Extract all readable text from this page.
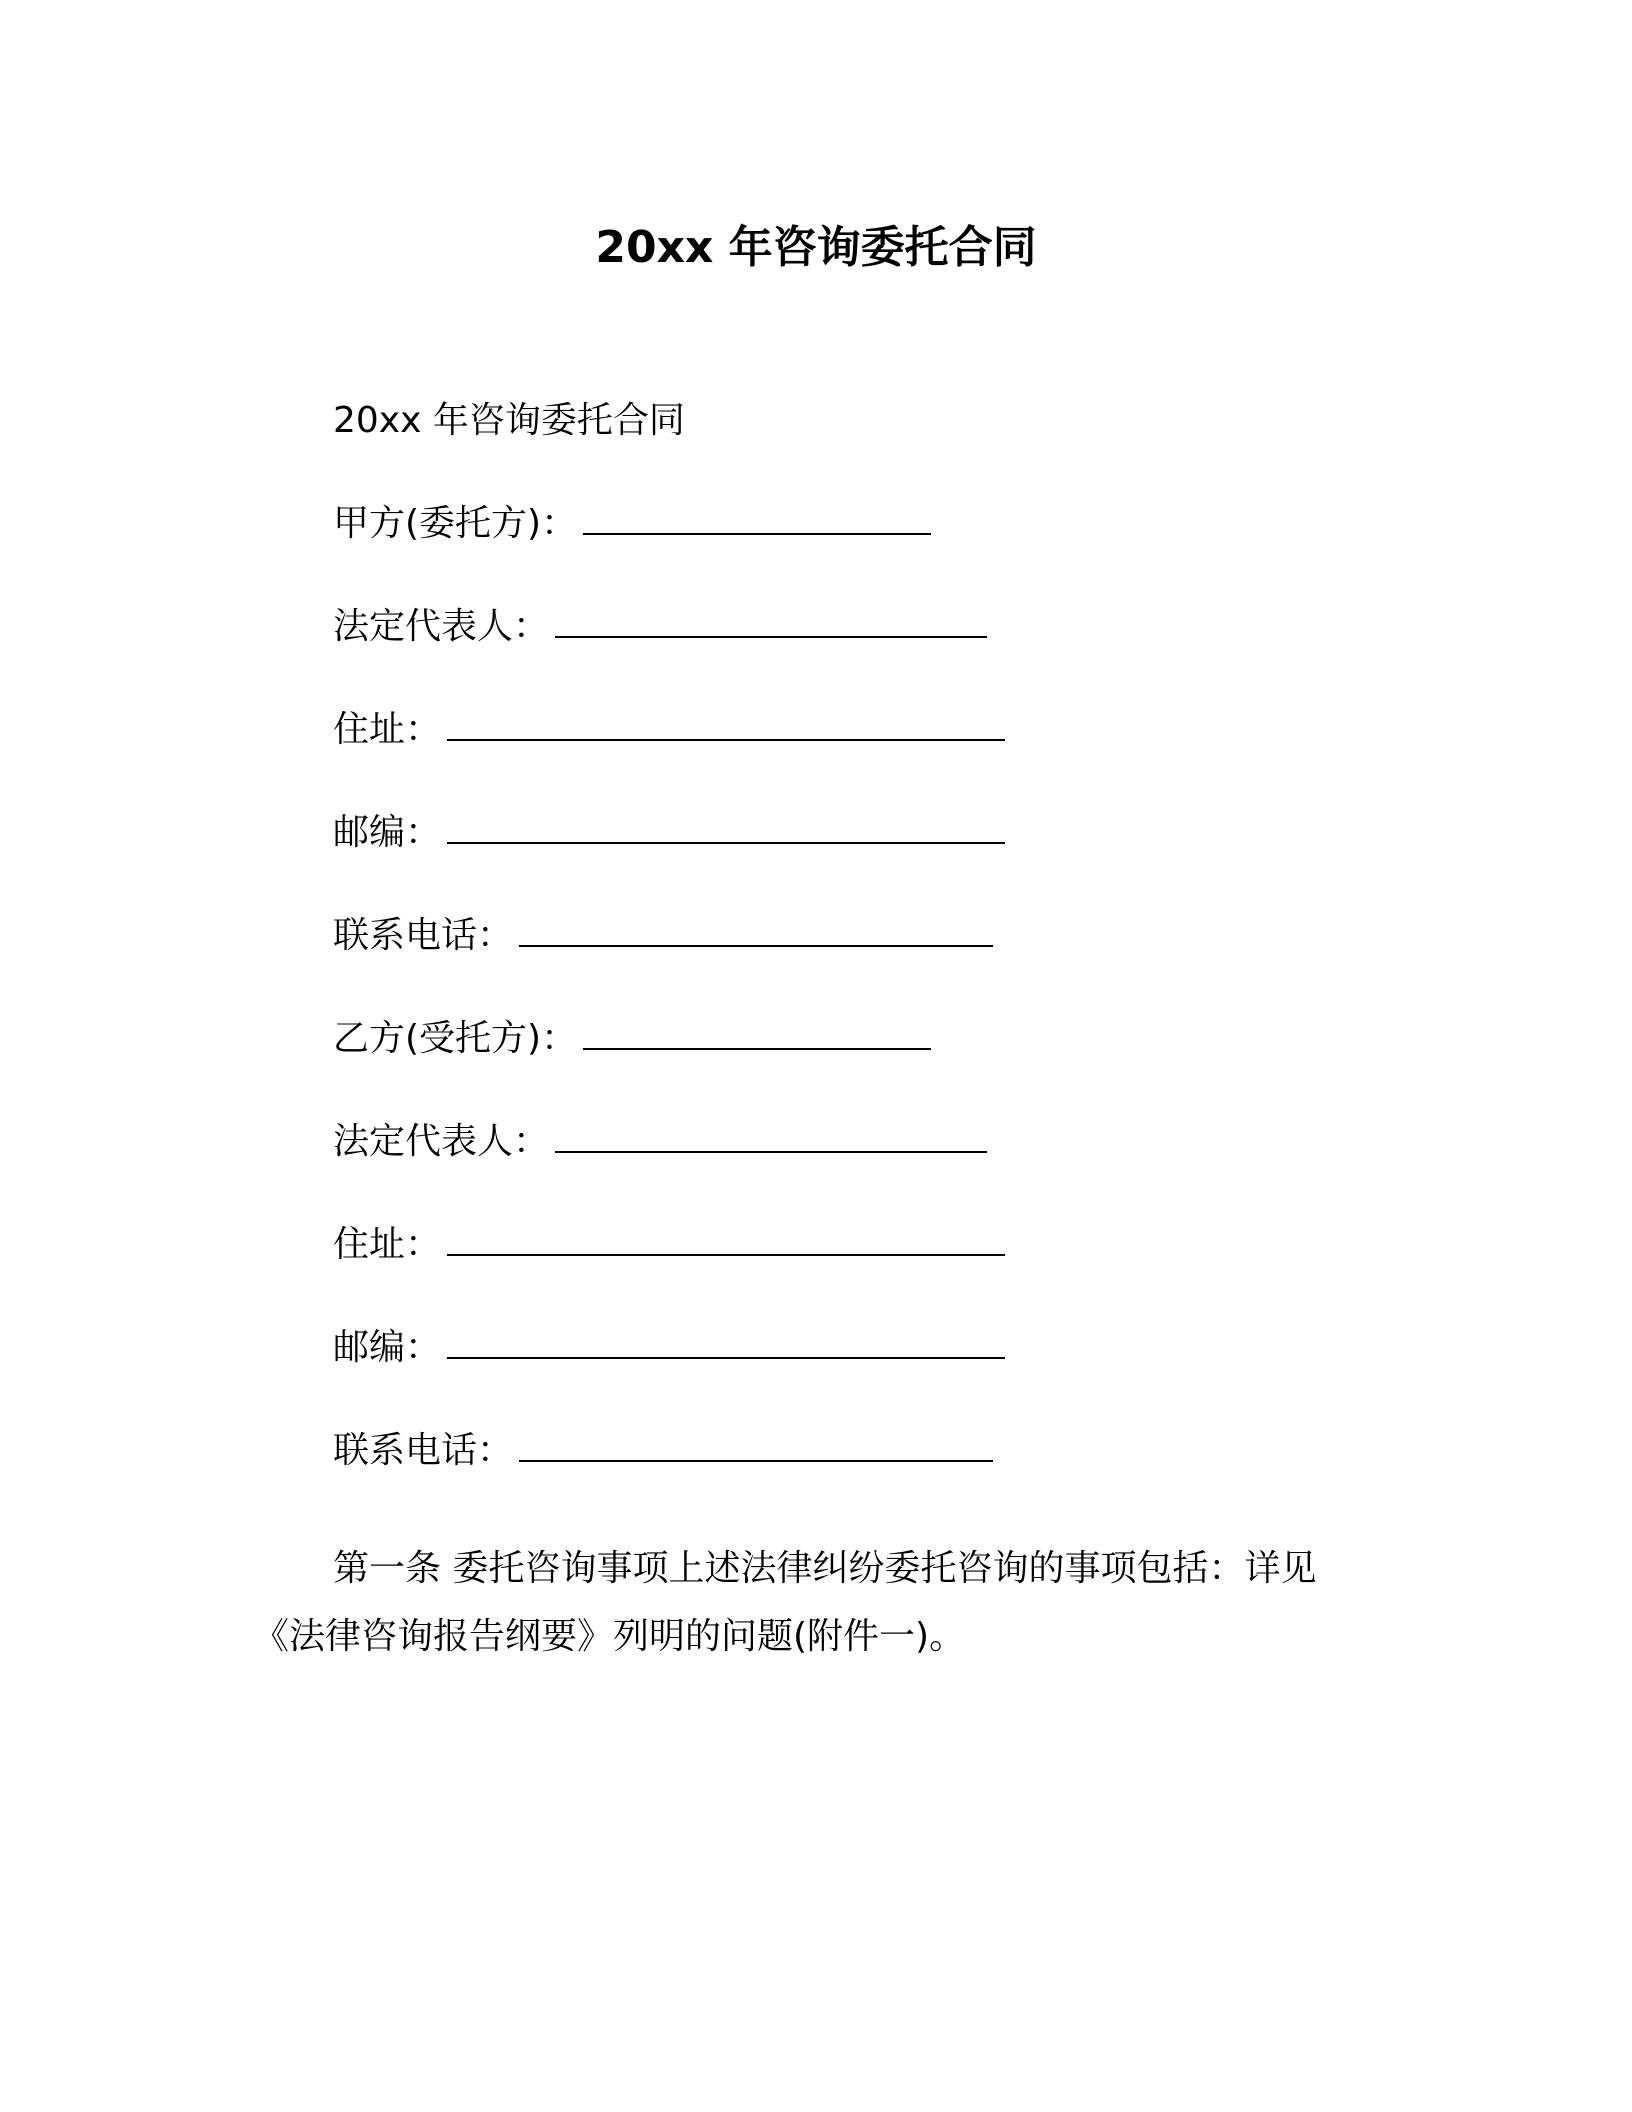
20xx 年咨询委托合同
20xx 年咨询委托合同
甲方(委托方)：
法定代表人：
住址：
邮编：
联系电话：
乙方(受托方)：
法定代表人：
住址：
邮编：
联系电话：
第一条 委托咨询事项上述法律纠纷委托咨询的事项包括：详见《法律咨询报告纲要》列明的问题(附件一)。
